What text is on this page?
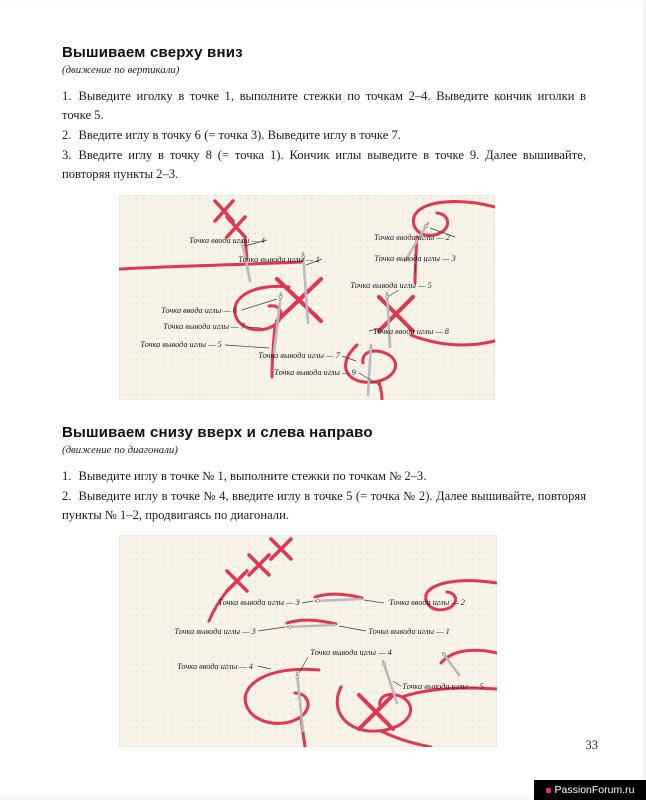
Вышиваем сверху вниз

(движение по вертикали)

1. Выведите иголку в точке 1, выполните стежки по точкам 2–4. Выведите кончик иголки в точке 5.

2. Введите иглу в точку 6 (= точка 3). Выведите иглу в точке 7.

3. Введите иглу в точку 8 (= точка 1). Кончик иглы выведите в точке 9. Далее вышивайте, повторяя пункты 2–3.

Точка ввода иглы — 4	Точка ввода иглы — 2
Точка вывода иглы — 1	Точка вывода иглы — 3
Точка вывода иглы — 5
Точка ввода иглы — 6
Точка вывода иглы — 7
Точка вывода иглы — 5
Точка ввода иглы — 8
Точка вывода иглы — 7
Точка вывода иглы — 9
Вышиваем снизу вверх и слева направо

(движение по диагонали)

1. Выведите иглу в точке № 1, выполните стежки по точкам № 2–3.

2. Выведите иглу в точке № 4, введите иглу в точке 5 (= точка № 2). Далее вышивайте, повторяя пункты № 1–2, продвигаясь по диагонали.

Точка вывода иглы — 3	Точка ввода иглы — 2
Точка вывода иглы — 3	Точка вывода иглы — 1
Точка вывода иглы — 4
Точка ввода иглы — 4
Точка вывода иглы — 5
33
PassionForum.ru
